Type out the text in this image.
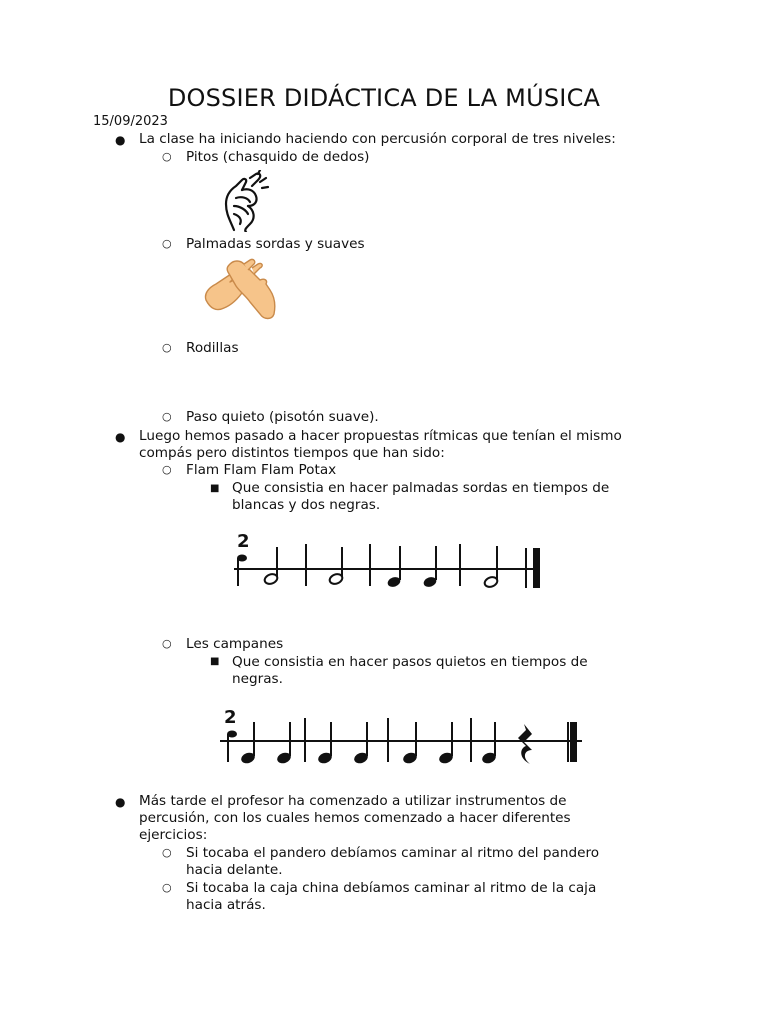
DOSSIER DIDÁCTICA DE LA MÚSICA
15/09/2023
● La clase ha iniciando haciendo con percusión corporal de tres niveles:
○ Pitos (chasquido de dedos)
○ Palmadas sordas y suaves
○ Rodillas
○ Paso quieto (pisotón suave).
● Luego hemos pasado a hacer propuestas rítmicas que tenían el mismo
compás pero distintos tiempos que han sido:
○ Flam Flam Flam Potax
■ Que consistia en hacer palmadas sordas en tiempos de
blancas y dos negras.
2
○ Les campanes
■ Que consistia en hacer pasos quietos en tiempos de
negras.
2
● Más tarde el profesor ha comenzado a utilizar instrumentos de
percusión, con los cuales hemos comenzado a hacer diferentes
ejercicios:
○ Si tocaba el pandero debíamos caminar al ritmo del pandero
hacia delante.
○ Si tocaba la caja china debíamos caminar al ritmo de la caja
hacia atrás.
